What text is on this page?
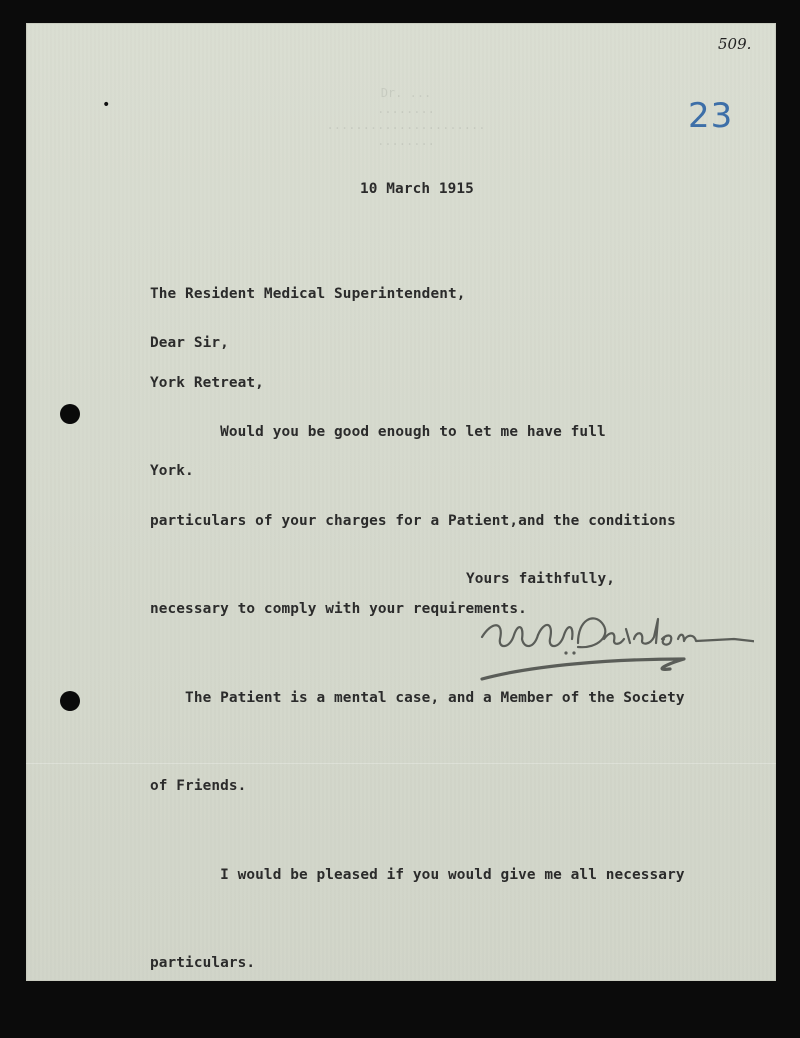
•
Dr. ...
........
......................
........
509.
23
10 March 1915

The Resident Medical Superintendent,

York Retreat,

York.

Dear Sir,

Would you be good enough to let me have full

particulars of your charges for a Patient,and the conditions

necessary to comply with your requirements.

The Patient is a mental case, and a Member of the Society

of Friends.

I would be pleased if you would give me all necessary

particulars.

Yours faithfully,
